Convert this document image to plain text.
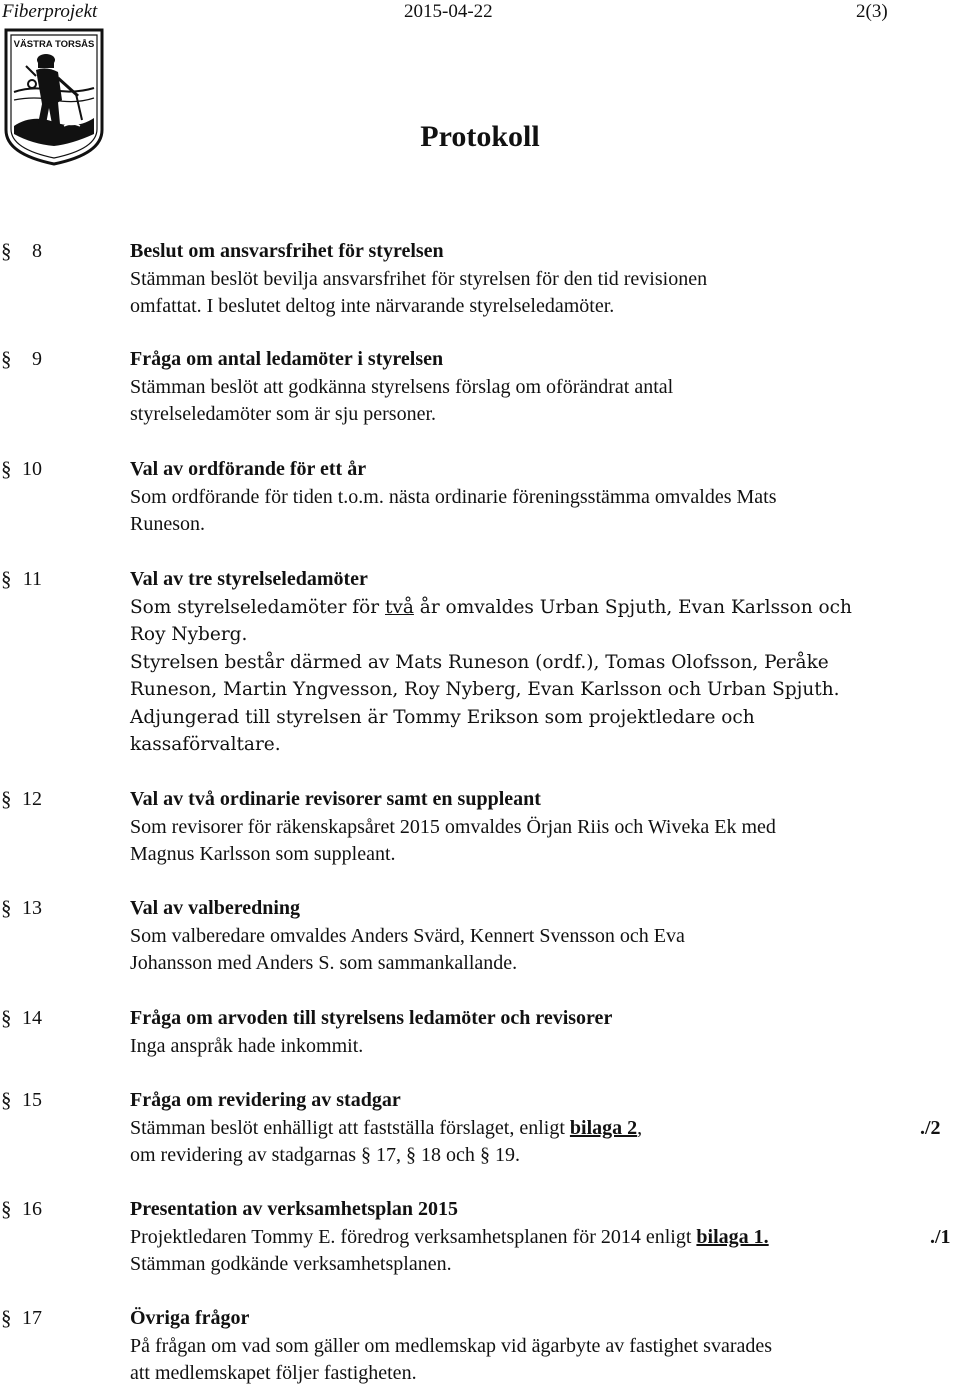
Fiberprojekt	2015-04-22	2(3)
VÄSTRA TORSÅS
Protokoll
§ 8	Beslut om ansvarsfrihet för styrelsen
Stämman beslöt bevilja ansvarsfrihet för styrelsen för den tid revisionen
omfattat. I beslutet deltog inte närvarande styrelseledamöter.
§ 9	Fråga om antal ledamöter i styrelsen
Stämman beslöt att godkänna styrelsens förslag om oförändrat antal
styrelseledamöter som är sju personer.
§ 10	Val av ordförande för ett år
Som ordförande för tiden t.o.m. nästa ordinarie föreningsstämma omvaldes Mats
Runeson.
§ 11	Val av tre styrelseledamöter
Som styrelseledamöter för två år omvaldes Urban Spjuth, Evan Karlsson och
Roy Nyberg.
Styrelsen består därmed av Mats Runeson (ordf.), Tomas Olofsson, Peråke
Runeson, Martin Yngvesson, Roy Nyberg, Evan Karlsson och Urban Spjuth.
Adjungerad till styrelsen är Tommy Erikson som projektledare och
kassaförvaltare.
§ 12	Val av två ordinarie revisorer samt en suppleant
Som revisorer för räkenskapsåret 2015 omvaldes Örjan Riis och Wiveka Ek med
Magnus Karlsson som suppleant.
§ 13	Val av valberedning
Som valberedare omvaldes Anders Svärd, Kennert Svensson och Eva
Johansson med Anders S. som sammankallande.
§ 14	Fråga om arvoden till styrelsens ledamöter och revisorer
Inga anspråk hade inkommit.
§ 15	Fråga om revidering av stadgar
Stämman beslöt enhälligt att fastställa förslaget, enligt bilaga 2,
om revidering av stadgarnas § 17, § 18 och § 19.
./2
§ 16	Presentation av verksamhetsplan 2015
Projektledaren Tommy E. föredrog verksamhetsplanen för 2014 enligt bilaga 1.
Stämman godkände verksamhetsplanen.
./1
§ 17	Övriga frågor
På frågan om vad som gäller om medlemskap vid ägarbyte av fastighet svarades
att medlemskapet följer fastigheten.
